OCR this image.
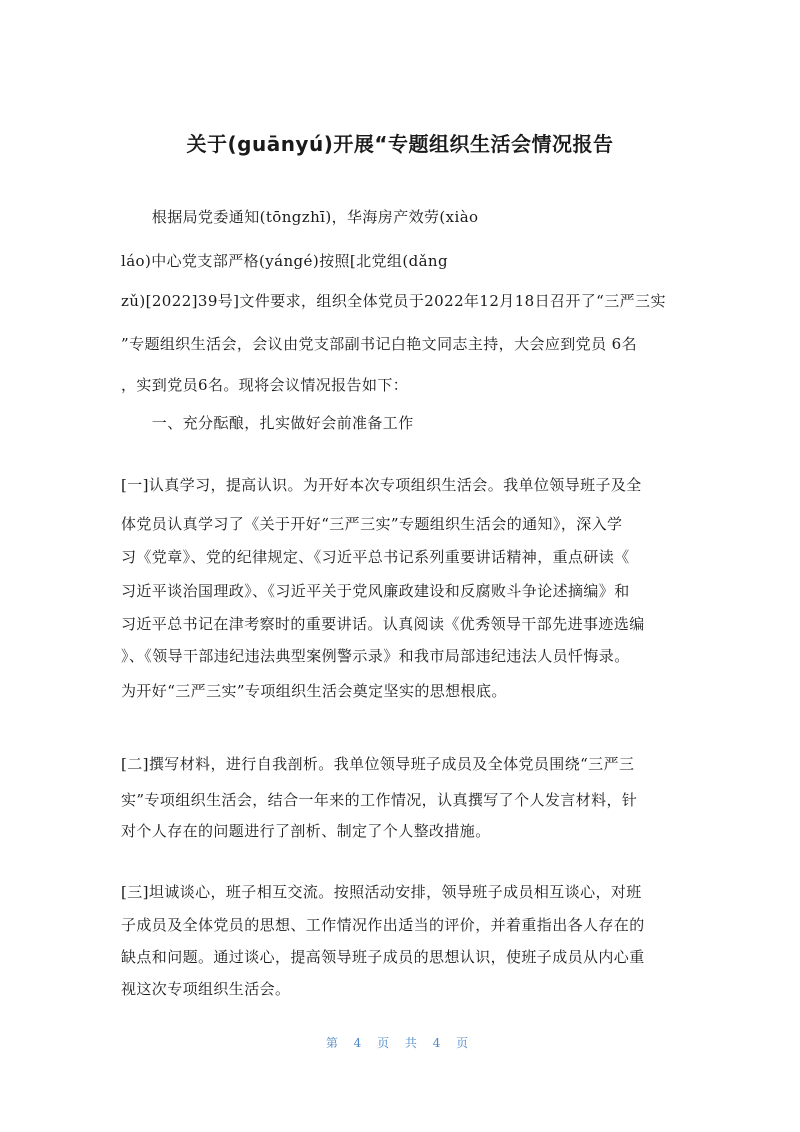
关于(guānyú)开展“专题组织生活会情况报告
　　根据局党委通知(tōngzhī)，华海房产效劳(xiào
láo)中心党支部严格(yángé)按照[北党组(dǎng
zǔ)[2022]39号]文件要求，组织全体党员于2022年12月18日召开了“三严三实
”专题组织生活会，会议由党支部副书记白艳文同志主持，大会应到党员 6名
，实到党员6名。现将会议情况报告如下：
　　一、充分酝酿，扎实做好会前准备工作
[一]认真学习，提高认识。为开好本次专项组织生活会。我单位领导班子及全
体党员认真学习了《关于开好“三严三实”专题组织生活会的通知》，深入学
习《党章》、党的纪律规定、《习近平总书记系列重要讲话精神，重点研读《
习近平谈治国理政》、《习近平关于党风廉政建设和反腐败斗争论述摘编》和
习近平总书记在津考察时的重要讲话。认真阅读《优秀领导干部先进事迹选编
》、《领导干部违纪违法典型案例警示录》和我市局部违纪违法人员忏悔录。
为开好“三严三实”专项组织生活会奠定坚实的思想根底。
[二]撰写材料，进行自我剖析。我单位领导班子成员及全体党员围绕“三严三
实”专项组织生活会，结合一年来的工作情况，认真撰写了个人发言材料，针
对个人存在的问题进行了剖析、制定了个人整改措施。
[三]坦诚谈心，班子相互交流。按照活动安排，领导班子成员相互谈心，对班
子成员及全体党员的思想、工作情况作出适当的评价，并着重指出各人存在的
缺点和问题。通过谈心，提高领导班子成员的思想认识，使班子成员从内心重
视这次专项组织生活会。
第 4 页 共 4 页
